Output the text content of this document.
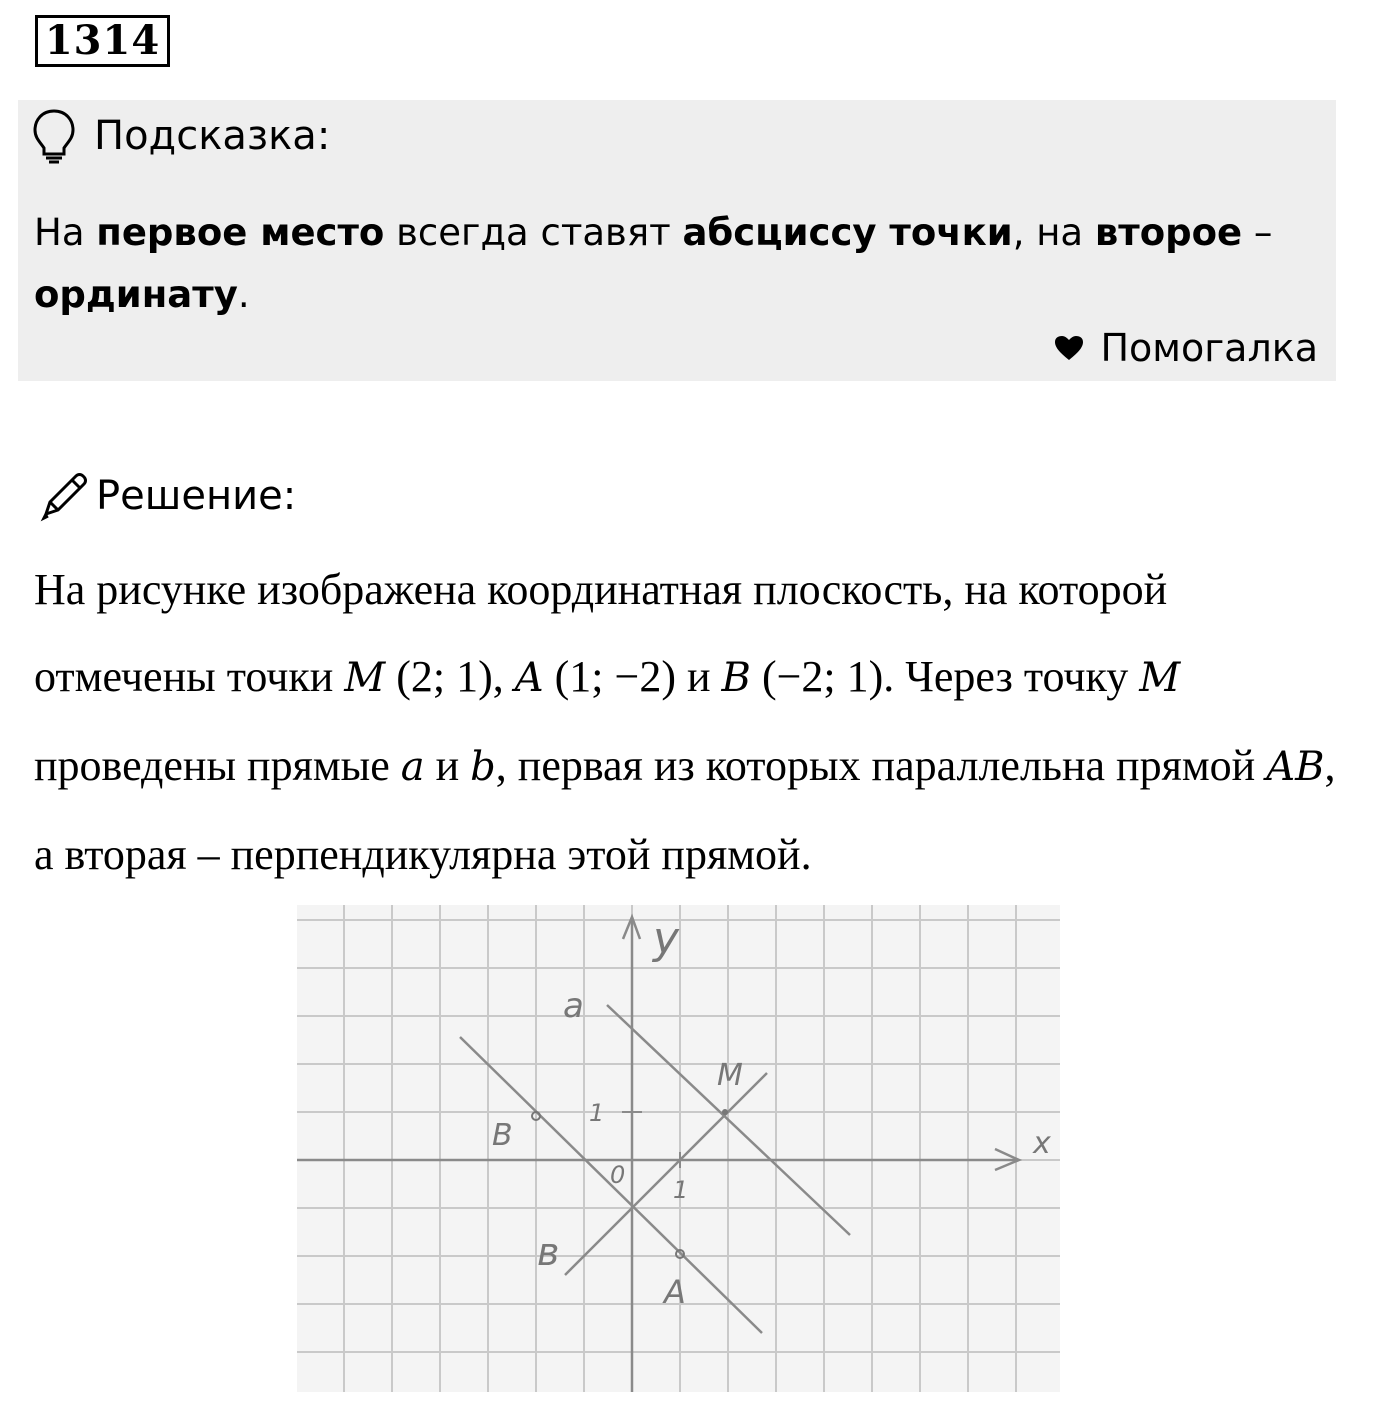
1314
Подсказка:
На первое место всегда ставят абсциссу точки, на второе –
ординату.
Помогалка
Решение:
На рисунке изображена координатная плоскость, на которой отмечены точки M (2; 1), A (1; −2) и B (−2; 1). Через точку M проведены прямые a и b, первая из которых параллельна прямой AB, а вторая – перпендикулярна этой прямой.
y
x
a
M
B
1
0
1
в
A
